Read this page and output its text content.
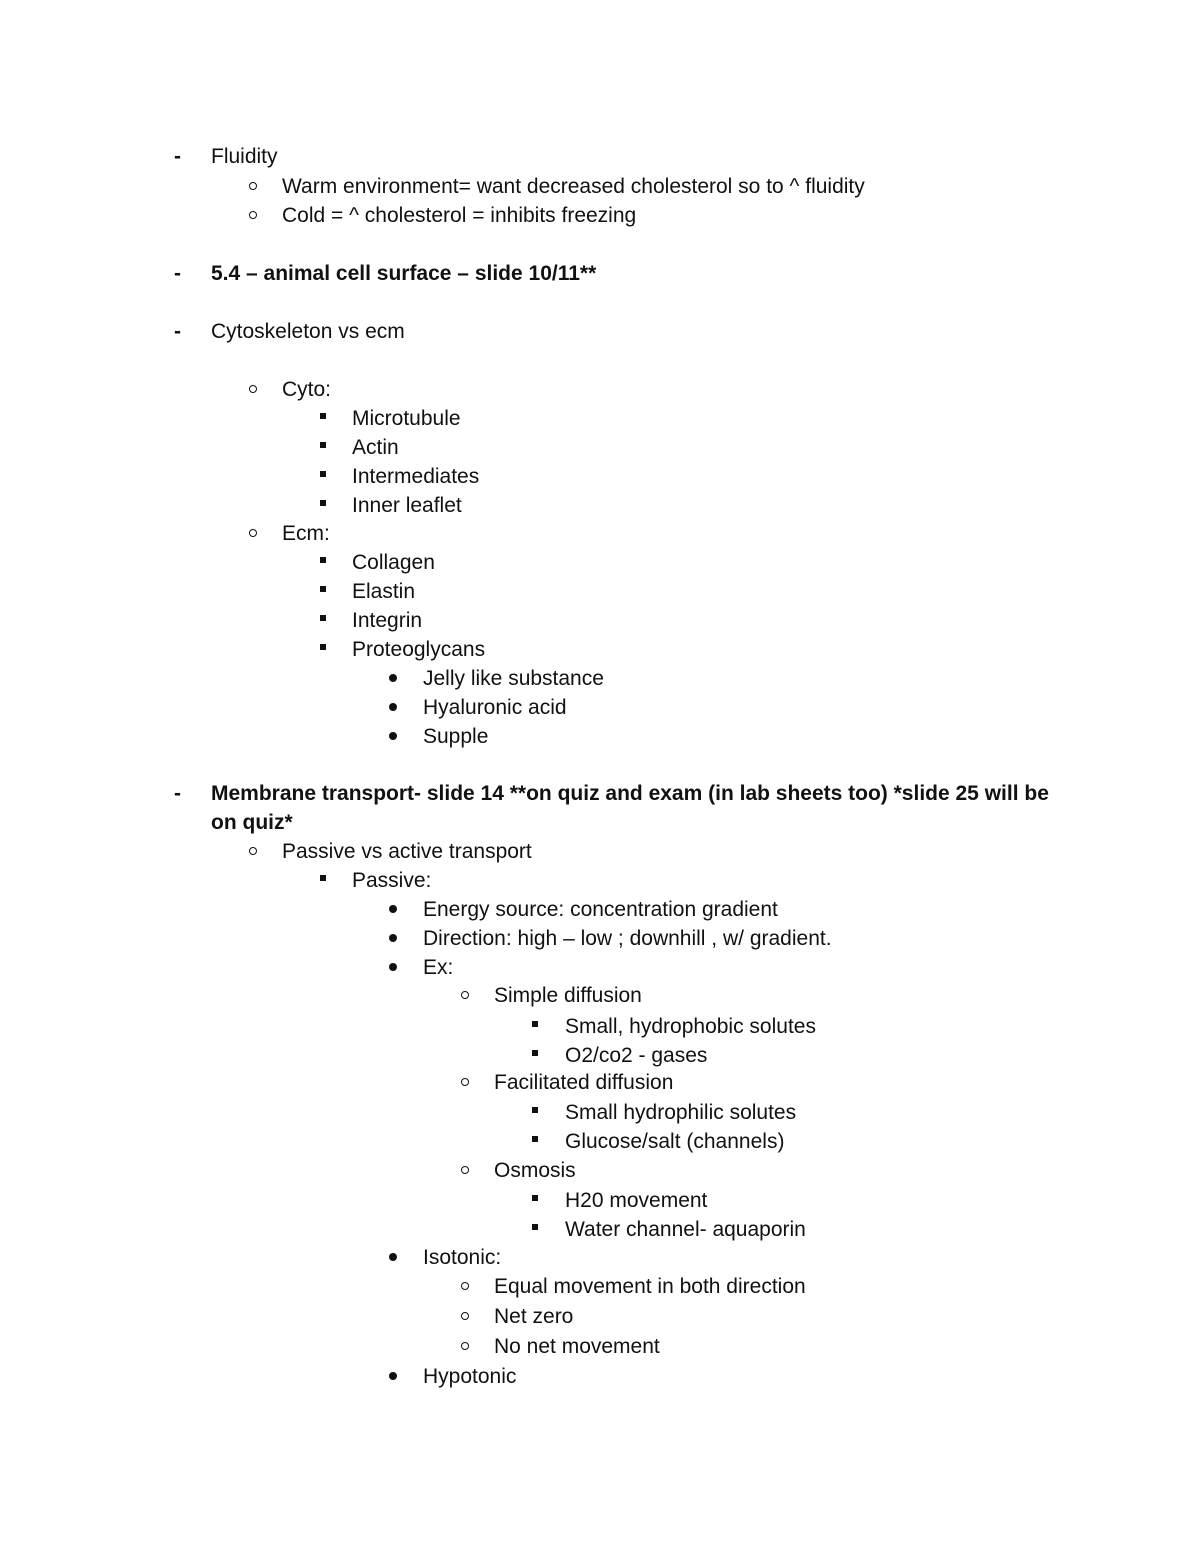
- Fluidity
Warm environment= want decreased cholesterol so to ^ fluidity
Cold = ^ cholesterol = inhibits freezing
- 5.4 – animal cell surface – slide 10/11**
- Cytoskeleton vs ecm
Cyto:
Microtubule
Actin
Intermediates
Inner leaflet
Ecm:
Collagen
Elastin
Integrin
Proteoglycans
Jelly like substance
Hyaluronic acid
Supple
- Membrane transport- slide 14 **on quiz and exam (in lab sheets too) *slide 25 will be
on quiz*
Passive vs active transport
Passive:
Energy source: concentration gradient
Direction: high – low ; downhill , w/ gradient.
Ex:
Simple diffusion
Small, hydrophobic solutes
O2/co2 - gases
Facilitated diffusion
Small hydrophilic solutes
Glucose/salt (channels)
Osmosis
H20 movement
Water channel- aquaporin
Isotonic:
Equal movement in both direction
Net zero
No net movement
Hypotonic
